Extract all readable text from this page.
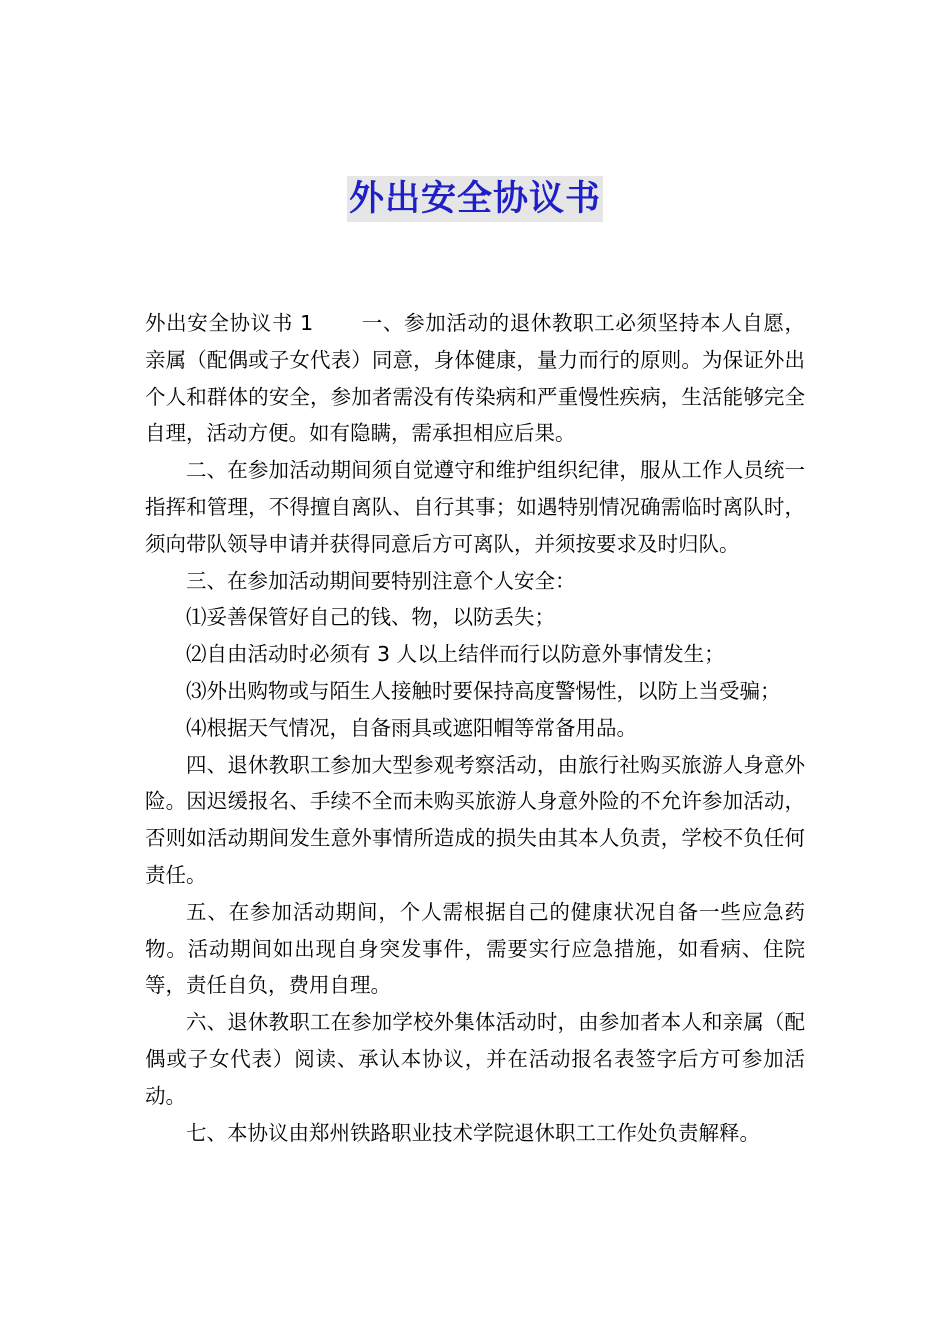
外出安全协议书

外出安全协议书 1 一、参加活动的退休教职工必须坚持本人自愿，亲属（配偶或子女代表）同意，身体健康，量力而行的原则。为保证外出个人和群体的安全，参加者需没有传染病和严重慢性疾病，生活能够完全自理，活动方便。如有隐瞒，需承担相应后果。

二、在参加活动期间须自觉遵守和维护组织纪律，服从工作人员统一指挥和管理，不得擅自离队、自行其事；如遇特别情况确需临时离队时，须向带队领导申请并获得同意后方可离队，并须按要求及时归队。

三、在参加活动期间要特别注意个人安全：

⑴妥善保管好自己的钱、物，以防丢失；

⑵自由活动时必须有 3 人以上结伴而行以防意外事情发生；

⑶外出购物或与陌生人接触时要保持高度警惕性，以防上当受骗；

⑷根据天气情况，自备雨具或遮阳帽等常备用品。

四、退休教职工参加大型参观考察活动，由旅行社购买旅游人身意外险。因迟缓报名、手续不全而未购买旅游人身意外险的不允许参加活动，否则如活动期间发生意外事情所造成的损失由其本人负责，学校不负任何责任。

五、在参加活动期间，个人需根据自己的健康状况自备一些应急药物。活动期间如出现自身突发事件，需要实行应急措施，如看病、住院等，责任自负，费用自理。

六、退休教职工在参加学校外集体活动时，由参加者本人和亲属（配偶或子女代表）阅读、承认本协议，并在活动报名表签字后方可参加活动。

七、本协议由郑州铁路职业技术学院退休职工工作处负责解释。
